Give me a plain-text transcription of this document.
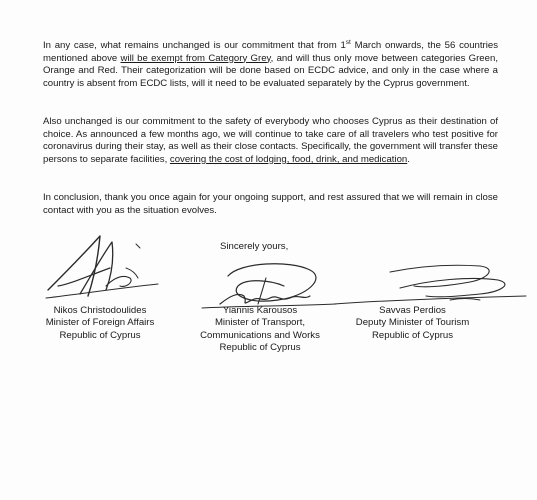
In any case, what remains unchanged is our commitment that from 1st March onwards, the 56 countries mentioned above will be exempt from Category Grey, and will thus only move between categories Green, Orange and Red. Their categorization will be done based on ECDC advice, and only in the case where a country is absent from ECDC lists, will it need to be evaluated separately by the Cyprus government.

Also unchanged is our commitment to the safety of everybody who chooses Cyprus as their destination of choice. As announced a few months ago, we will continue to take care of all travelers who test positive for coronavirus during their stay, as well as their close contacts. Specifically, the government will transfer these persons to separate facilities, covering the cost of lodging, food, drink, and medication.

In conclusion, thank you once again for your ongoing support, and rest assured that we will remain in close contact with you as the situation evolves.

Sincerely yours,

Nikos Christodoulides
Minister of Foreign Affairs
Republic of Cyprus
Yiannis Karousos
Minister of Transport,
Communications and Works
Republic of Cyprus
Savvas Perdios
Deputy Minister of Tourism
Republic of Cyprus
